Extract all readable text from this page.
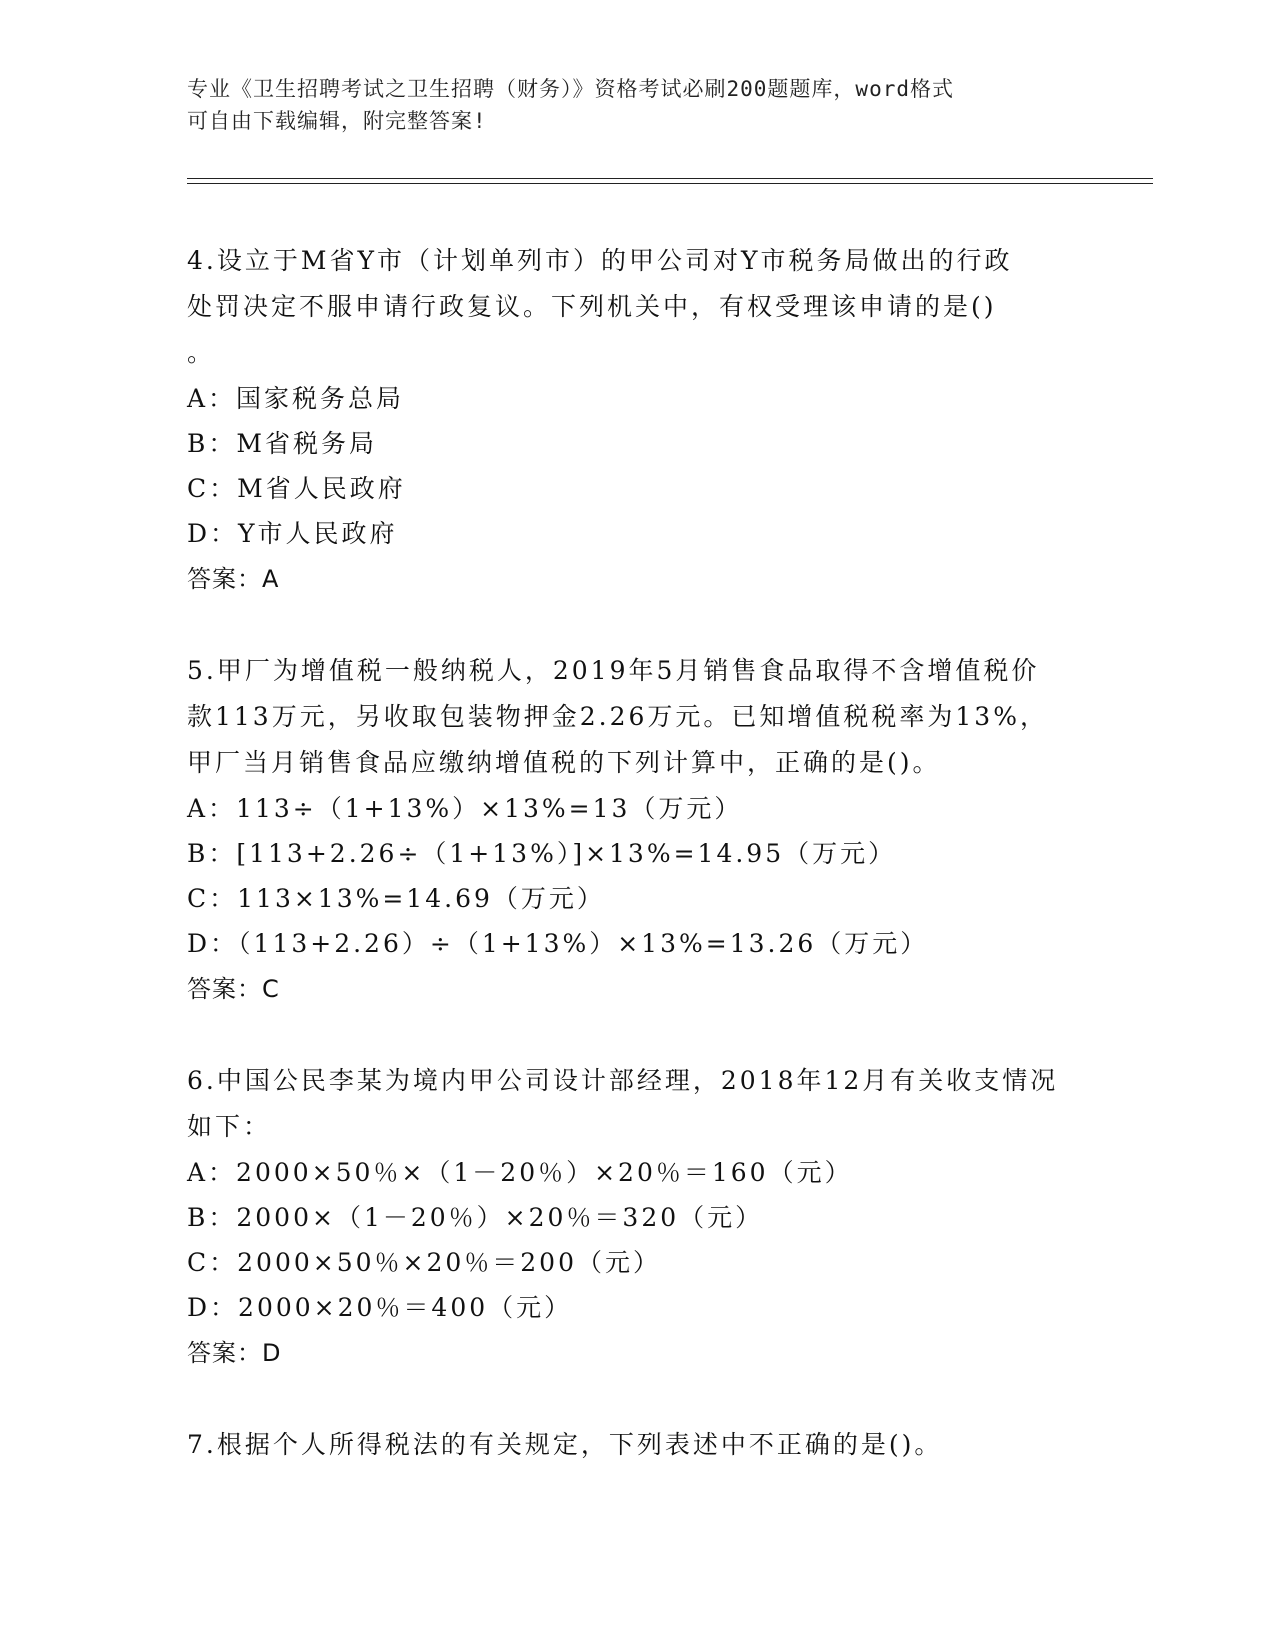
专业《卫生招聘考试之卫生招聘（财务）》资格考试必刷200题题库，word格式
可自由下载编辑，附完整答案!
4.设立于M省Y市（计划单列市）的甲公司对Y市税务局做出的行政
处罚决定不服申请行政复议。下列机关中，有权受理该申请的是()
。
A：国家税务总局
B：M省税务局
C：M省人民政府
D：Y市人民政府
答案：A
5.甲厂为增值税一般纳税人，2019年5月销售食品取得不含增值税价
款113万元，另收取包装物押金2.26万元。已知增值税税率为13%，
甲厂当月销售食品应缴纳增值税的下列计算中，正确的是()。
A：113÷（1+13%）×13%=13（万元）
B：[113+2.26÷（1+13%）]×13%=14.95（万元）
C：113×13%=14.69（万元）
D：（113+2.26）÷（1+13%）×13%=13.26（万元）
答案：C
6.中国公民李某为境内甲公司设计部经理，2018年12月有关收支情况
如下：
A：2000×50％×（1－20％）×20％＝160（元）
B：2000×（1－20％）×20％＝320（元）
C：2000×50％×20％＝200（元）
D：2000×20％＝400（元）
答案：D
7.根据个人所得税法的有关规定，下列表述中不正确的是()。
